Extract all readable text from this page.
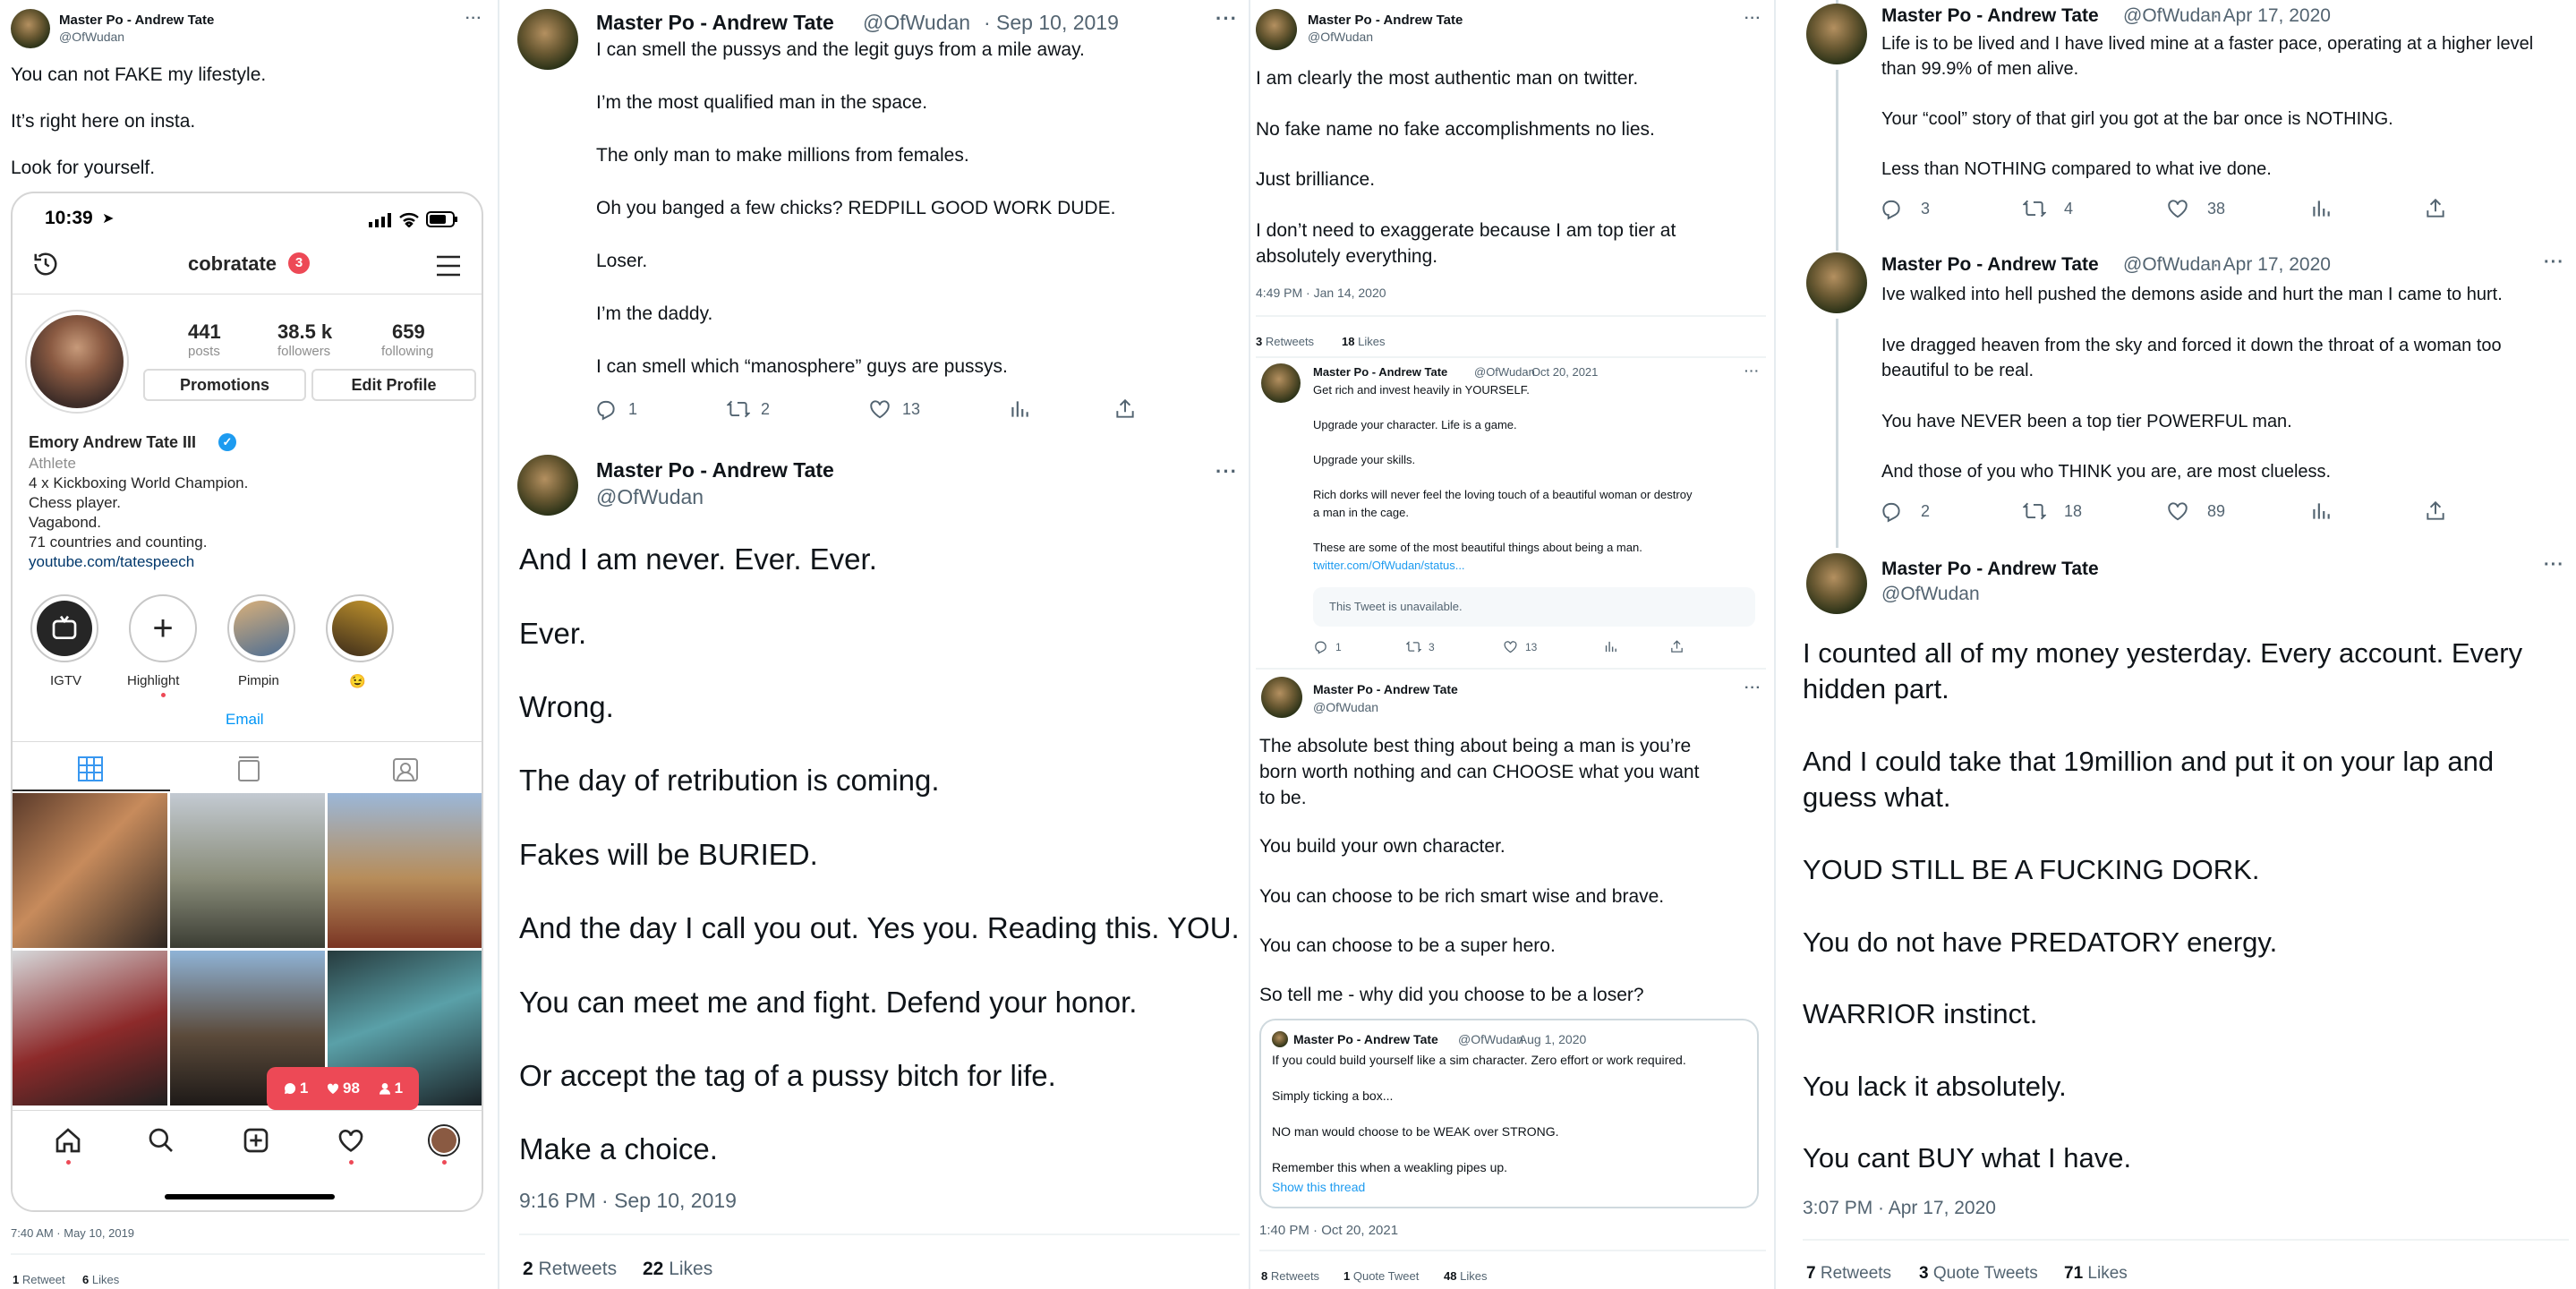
Master Po - Andrew Tate
@OfWudan
···
You can not FAKE my lifestyle.
It’s right here on insta.
Look for yourself.
10:39 ➤
cobratate	3
441
posts
38.5 k
followers
659
following
Promotions	Edit Profile
Emory Andrew Tate III	✓
Athlete
4 x Kickboxing World Champion.
Chess player.
Vagabond.
71 countries and counting.
youtube.com/tatespeech
IGTV
+
Highlight	Pimpin	😉
Email
1 98 1
7:40 AM · May 10, 2019
1 Retweet 6 Likes
Master Po - Andrew Tate @OfWudan · Sep 10, 2019	···
I can smell the pussys and the legit guys from a mile away.
I’m the most qualified man in the space.
The only man to make millions from females.
Oh you banged a few chicks? REDPILL GOOD WORK DUDE.
Loser.
I’m the daddy.
I can smell which “manosphere” guys are pussys.
1	2	13
Master Po - Andrew Tate
@OfWudan
···
And I am never. Ever. Ever.
Ever.
Wrong.
The day of retribution is coming.
Fakes will be BURIED.
And the day I call you out. Yes you. Reading this. YOU.
You can meet me and fight. Defend your honor.
Or accept the tag of a pussy bitch for life.
Make a choice.
9:16 PM · Sep 10, 2019
2 Retweets 22 Likes
Master Po - Andrew Tate
@OfWudan
···
I am clearly the most authentic man on twitter.
No fake name no fake accomplishments no lies.
Just brilliance.
I don’t need to exaggerate because I am top tier at
absolutely everything.
4:49 PM · Jan 14, 2020
3 Retweets 18 Likes
Master Po - Andrew Tate @OfWudan
· Oct 20, 2021	···
Get rich and invest heavily in YOURSELF.
Upgrade your character. Life is a game.
Upgrade your skills.
Rich dorks will never feel the loving touch of a beautiful woman or destroy
a man in the cage.
These are some of the most beautiful things about being a man.
twitter.com/OfWudan/status...
This Tweet is unavailable.
1	3	13
Master Po - Andrew Tate
@OfWudan
···
The absolute best thing about being a man is you’re
born worth nothing and can CHOOSE what you want
to be.
You build your own character.
You can choose to be rich smart wise and brave.
You can choose to be a super hero.
So tell me - why did you choose to be a loser?
Master Po - Andrew Tate @OfWudan
· Aug 1, 2020
If you could build yourself like a sim character. Zero effort or work required.
Simply ticking a box...
NO man would choose to be WEAK over STRONG.
Remember this when a weakling pipes up.
Show this thread
1:40 PM · Oct 20, 2021
8 Retweets 1 Quote Tweet 48 Likes
Master Po - Andrew Tate @OfWudan
· Apr 17, 2020
Life is to be lived and I have lived mine at a faster pace, operating at a higher level
than 99.9% of men alive.
Your “cool” story of that girl you got at the bar once is NOTHING.
Less than NOTHING compared to what ive done.
3	4	38
Master Po - Andrew Tate @OfWudan
· Apr 17, 2020	···
Ive walked into hell pushed the demons aside and hurt the man I came to hurt.
Ive dragged heaven from the sky and forced it down the throat of a woman too
beautiful to be real.
You have NEVER been a top tier POWERFUL man.
And those of you who THINK you are, are most clueless.
2	18	89
Master Po - Andrew Tate
@OfWudan
···
I counted all of my money yesterday. Every account. Every
hidden part.
And I could take that 19million and put it on your lap and
guess what.
YOUD STILL BE A FUCKING DORK.
You do not have PREDATORY energy.
WARRIOR instinct.
You lack it absolutely.
You cant BUY what I have.
3:07 PM · Apr 17, 2020
7 Retweets 3 Quote Tweets 71 Likes
